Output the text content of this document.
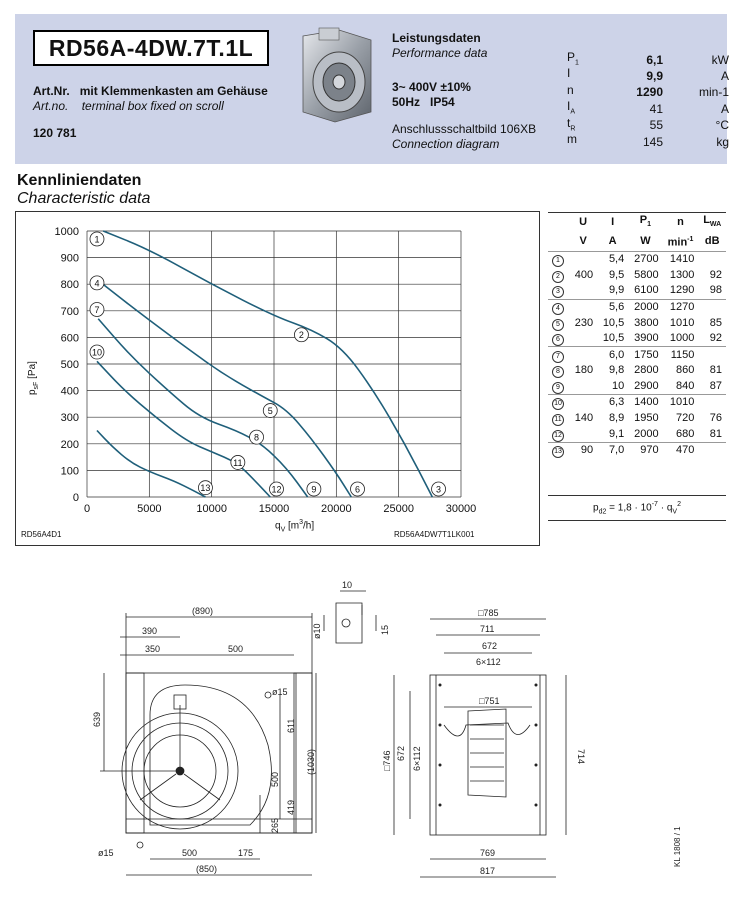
RD56A-4DW.7T.1L
Art.Nr. mit Klemmenkasten am Gehäuse
Art.no. terminal box fixed on scroll
120 781
Leistungsdaten
Performance data
3~ 400V ±10%
50Hz IP54
Anschlussschaltbild 106XB
Connection diagram
$P_1$	6,1	kW
I	9,9	A
n	1290	min-1
$I_A$	41	A
$t_R$	55	°C
m	145	kg
Kennliniendaten
Characteristic data
1
2
3
4
5
6
7
8
9
10
11
12
13
0	5000	10000	15000	20000	25000	30000
0
100
200
300
400
500
600
700
800
900
1000
$q_V$ $[m^3/h]$
$p_{sF}$ [Pa]
RD56A4D1	RD56A4DW7T1LK001
	U	I	$P_1$	n	$L_{WA}$
	V	A	W	$\min^{-1}$	dB
1		5,4	2700	1410	
2	400	9,5	5800	1300	92
3		9,9	6100	1290	98
4		5,6	2000	1270	
5	230	10,5	3800	1010	85
6		10,5	3900	1000	92
7		6,0	1750	1150	
8	180	9,8	2800	860	81
9		10	2900	840	87
10		6,3	1400	1010	
11	140	8,9	1950	720	76
12		9,1	2000	680	81
13	90	7,0	970	470	
$p_{d2} = 1,8 \cdot 10^{-7} \cdot q_V^2$
(890)
390
350	500
639
ø15
611
500
(1030)
265
419
ø15	500	175
(850)
10
ø10	15
□785
711
672
6×112
□751
□746 672 6×112	714
769
817
KL 1808 / 1
